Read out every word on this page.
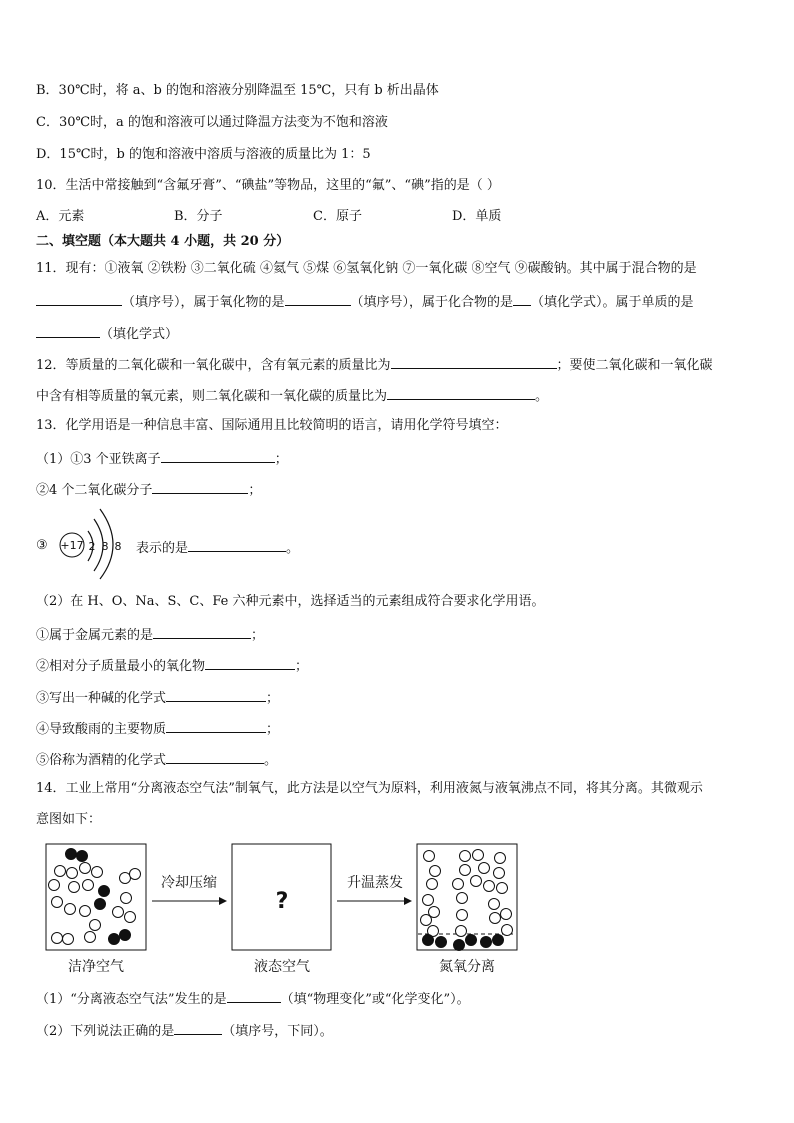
B．30℃时，将 a、b 的饱和溶液分别降温至 15℃，只有 b 析出晶体
C．30℃时，a 的饱和溶液可以通过降温方法变为不饱和溶液
D．15℃时，b 的饱和溶液中溶质与溶液的质量比为 1：5
10．生活中常接触到“含氟牙膏”、“碘盐”等物品，这里的“氟”、“碘”指的是（ ）
A．元素	B．分子	C．原子	D．单质
二、填空题（本大题共 4 小题，共 20 分）
11．现有：①液氧 ②铁粉 ③二氧化硫 ④氦气 ⑤煤 ⑥氢氧化钠 ⑦一氧化碳 ⑧空气 ⑨碳酸钠。其中属于混合物的是
（填序号），属于氧化物的是	（填序号），属于化合物的是 （填化学式）。属于单质的是
（填化学式）
12．等质量的二氧化碳和一氧化碳中，含有氧元素的质量比为	；要使二氧化碳和一氧化碳
中含有相等质量的氧元素，则二氧化碳和一氧化碳的质量比为	。
13．化学用语是一种信息丰富、国际通用且比较简明的语言，请用化学符号填空：
（1）①3 个亚铁离子	；
②4 个二氧化碳分子	；
③ +17 2 8 8 表示的是	。
（2）在 H、O、Na、S、C、Fe 六种元素中，选择适当的元素组成符合要求化学用语。
①属于金属元素的是	；
②相对分子质量最小的氧化物	；
③写出一种碱的化学式	；
④导致酸雨的主要物质	；
⑤俗称为酒精的化学式	。
14．工业上常用“分离液态空气法”制氧气，此方法是以空气为原料，利用液氮与液氧沸点不同，将其分离。其微观示
意图如下：
冷却压缩
?
升温蒸发
洁净空气	液态空气	氮氧分离
（1）“分离液态空气法”发生的是	（填“物理变化”或“化学变化”）。
（2）下列说法正确的是	（填序号，下同）。
